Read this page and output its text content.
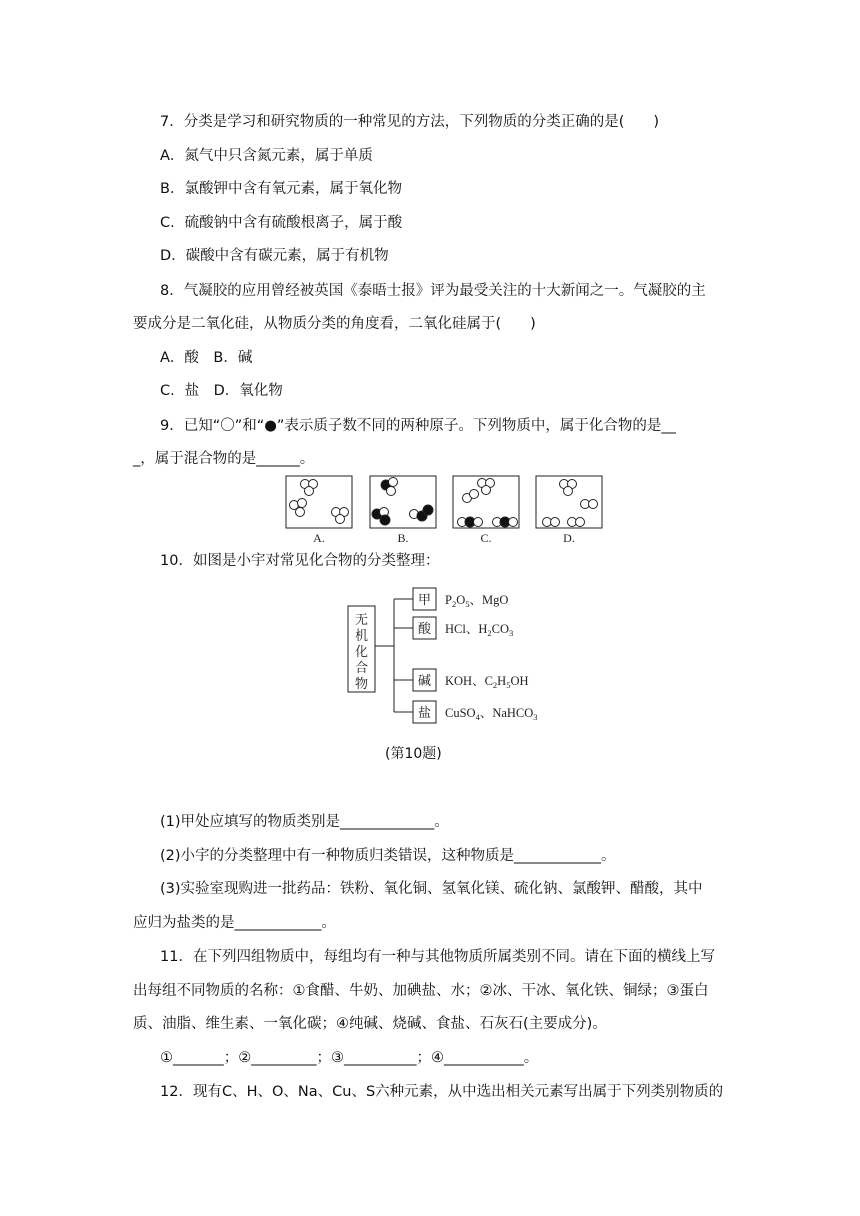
7．分类是学习和研究物质的一种常见的方法，下列物质的分类正确的是(　　)
A．氮气中只含氮元素，属于单质
B．氯酸钾中含有氧元素，属于氧化物
C．硫酸钠中含有硫酸根离子，属于酸
D．碳酸中含有碳元素，属于有机物
8．气凝胶的应用曾经被英国《泰晤士报》评为最受关注的十大新闻之一。气凝胶的主
要成分是二氧化硅，从物质分类的角度看，二氧化硅属于(　　)
A．酸　B．碱
C．盐　D．氧化物
9．已知“〇”和“●”表示质子数不同的两种原子。下列物质中，属于化合物的是__
_，属于混合物的是______。
A.	B.	C.	D.
10．如图是小宇对常见化合物的分类整理：
无
机
化
合
物
甲
酸
碱
盐
$P_2O_5$、MgO
HCl、$H_2CO_3$
KOH、$C_2H_5OH$
CuSO$_4$、NaHCO$_3$
(第10题)
(1)甲处应填写的物质类别是_____________。
(2)小宇的分类整理中有一种物质归类错误，这种物质是____________。
(3)实验室现购进一批药品：铁粉、氧化铜、氢氧化镁、硫化钠、氯酸钾、醋酸，其中
应归为盐类的是____________。
11．在下列四组物质中，每组均有一种与其他物质所属类别不同。请在下面的横线上写
出每组不同物质的名称：①食醋、牛奶、加碘盐、水；②冰、干冰、氧化铁、铜绿；③蛋白
质、油脂、维生素、一氧化碳；④纯碱、烧碱、食盐、石灰石(主要成分)。
①_______；②_________；③__________；④___________。
12．现有C、H、O、Na、Cu、S六种元素，从中选出相关元素写出属于下列类别物质的
